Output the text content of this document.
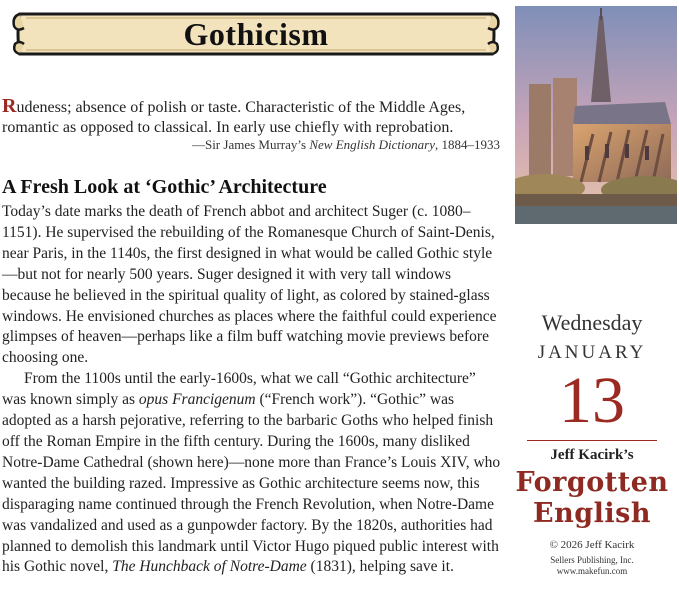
Gothicism
Rudeness; absence of polish or taste. Characteristic of the Middle Ages, romantic as opposed to classical. In early use chiefly with reprobation.
—Sir James Murray’s New English Dictionary, 1884–1933
A Fresh Look at ‘Gothic’ Architecture

Today’s date marks the death of French abbot and architect Suger (c. 1080–1151). He supervised the rebuilding of the Romanesque Church of Saint-Denis, near Paris, in the 1140s, the first designed in what would be called Gothic style—but not for nearly 500 years. Suger designed it with very tall windows because he believed in the spiritual quality of light, as colored by stained-glass windows. He envisioned churches as places where the faithful could experience glimpses of heaven—perhaps like a film buff watching movie previews before choosing one.

From the 1100s until the early-1600s, what we call “Gothic architecture” was known simply as opus Francigenum (“French work”). “Gothic” was adopted as a harsh pejorative, referring to the barbaric Goths who helped finish off the Roman Empire in the fifth century. During the 1600s, many disliked Notre-Dame Cathedral (shown here)—none more than France’s Louis XIV, who wanted the building razed. Impressive as Gothic architecture seems now, this disparaging name continued through the French Revolution, when Notre-Dame was vandalized and used as a gunpowder factory. By the 1820s, authorities had planned to demolish this landmark until Victor Hugo piqued public interest with his Gothic novel, The Hunchback of Notre-Dame (1831), helping save it.

Wednesday
JANUARY
13
Jeff Kacirk’s
Forgotten
English
© 2026 Jeff Kacirk
Sellers Publishing, Inc.
www.makefun.com
